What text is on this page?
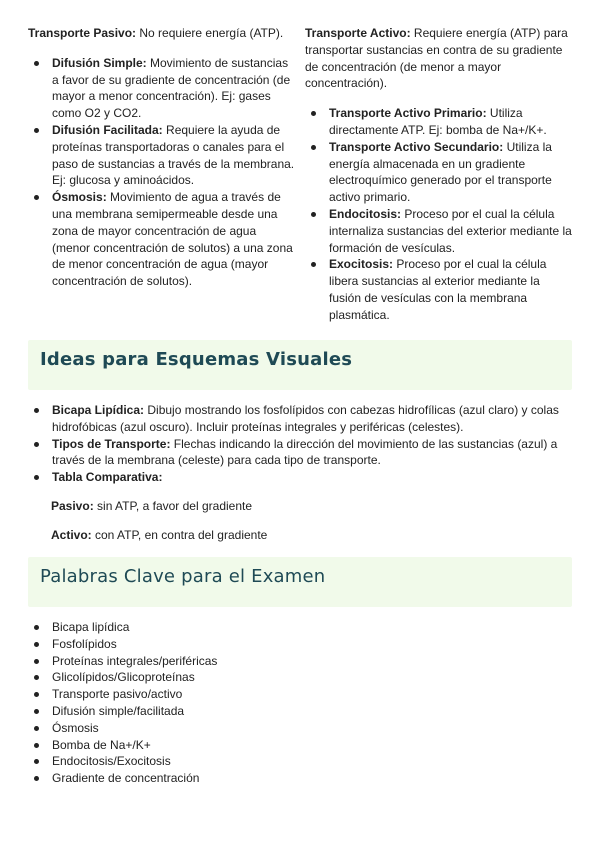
Transporte Pasivo: No requiere energía (ATP).

Difusión Simple: Movimiento de sustancias a favor de su gradiente de concentración (de mayor a menor concentración). Ej: gases como O2 y CO2.
Difusión Facilitada: Requiere la ayuda de proteínas transportadoras o canales para el paso de sustancias a través de la membrana. Ej: glucosa y aminoácidos.
Ósmosis: Movimiento de agua a través de una membrana semipermeable desde una zona de mayor concentración de agua (menor concentración de solutos) a una zona de menor concentración de agua (mayor concentración de solutos).

Transporte Activo: Requiere energía (ATP) para transportar sustancias en contra de su gradiente de concentración (de menor a mayor concentración).

Transporte Activo Primario: Utiliza directamente ATP. Ej: bomba de Na+/K+.
Transporte Activo Secundario: Utiliza la energía almacenada en un gradiente electroquímico generado por el transporte activo primario.
Endocitosis: Proceso por el cual la célula internaliza sustancias del exterior mediante la formación de vesículas.
Exocitosis: Proceso por el cual la célula libera sustancias al exterior mediante la fusión de vesículas con la membrana plasmática.
Ideas para Esquemas Visuales
Bicapa Lipídica: Dibujo mostrando los fosfolípidos con cabezas hidrofílicas (azul claro) y colas hidrofóbicas (azul oscuro). Incluir proteínas integrales y periféricas (celestes).
Tipos de Transporte: Flechas indicando la dirección del movimiento de las sustancias (azul) a través de la membrana (celeste) para cada tipo de transporte.
Tabla Comparativa:
Pasivo: sin ATP, a favor del gradiente
Activo: con ATP, en contra del gradiente
Palabras Clave para el Examen
Bicapa lipídica
Fosfolípidos
Proteínas integrales/periféricas
Glicolípidos/Glicoproteínas
Transporte pasivo/activo
Difusión simple/facilitada
Ósmosis
Bomba de Na+/K+
Endocitosis/Exocitosis
Gradiente de concentración
